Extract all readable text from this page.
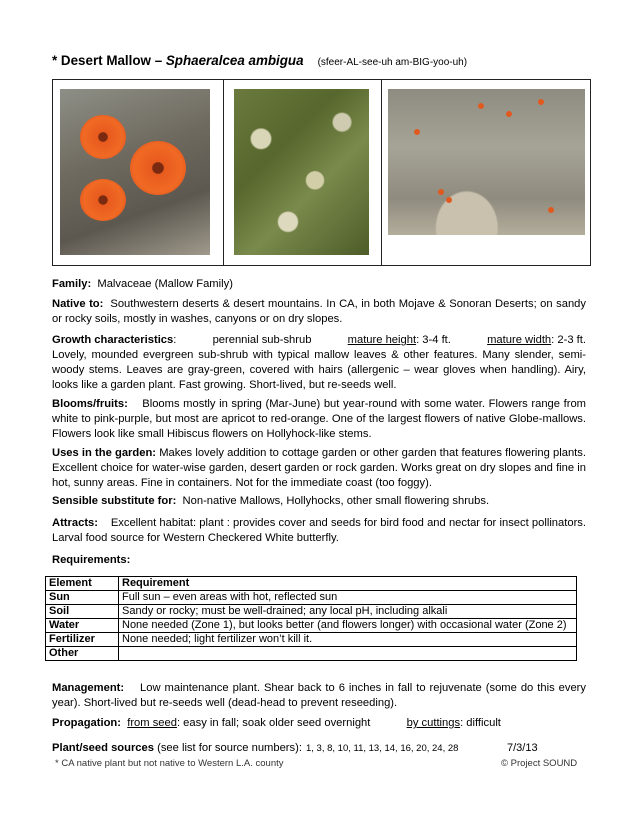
* Desert Mallow – Sphaeralcea ambigua (sfeer-AL-see-uh am-BIG-yoo-uh)
Family: Malvaceae (Mallow Family)
Native to: Southwestern deserts & desert mountains. In CA, in both Mojave & Sonoran Deserts; on sandy or rocky soils, mostly in washes, canyons or on dry slopes.
Growth characteristics:	perennial sub-shrub	mature height: 3-4 ft.	mature width: 2-3 ft.
Lovely, mounded evergreen sub-shrub with typical mallow leaves & other features. Many slender, semi-woody stems. Leaves are gray-green, covered with hairs (allergenic – wear gloves when handling). Airy, looks like a garden plant. Fast growing. Short-lived, but re-seeds well.
Blooms/fruits: Blooms mostly in spring (Mar-June) but year-round with some water. Flowers range from white to pink-purple, but most are apricot to red-orange. One of the largest flowers of native Globe-mallows. Flowers look like small Hibiscus flowers on Hollyhock-like stems.
Uses in the garden: Makes lovely addition to cottage garden or other garden that features flowering plants. Excellent choice for water-wise garden, desert garden or rock garden. Works great on dry slopes and fine in hot, sunny areas. Fine in containers. Not for the immediate coast (too foggy).
Sensible substitute for: Non-native Mallows, Hollyhocks, other small flowering shrubs.
Attracts: Excellent habitat: plant : provides cover and seeds for bird food and nectar for insect pollinators. Larval food source for Western Checkered White butterfly.
Requirements:
Element	Requirement
Sun	Full sun – even areas with hot, reflected sun
Soil	Sandy or rocky; must be well-drained; any local pH, including alkali
Water	None needed (Zone 1), but looks better (and flowers longer) with occasional water (Zone 2)
Fertilizer	None needed; light fertilizer won’t kill it.
Other	
Management: Low maintenance plant. Shear back to 6 inches in fall to rejuvenate (some do this every year). Short-lived but re-seeds well (dead-head to prevent reseeding).
Propagation: from seed: easy in fall; soak older seed overnight	by cuttings: difficult
Plant/seed sources (see list for source numbers): 1, 3, 8, 10, 11, 13, 14, 16, 20, 24, 28	7/3/13
* CA native plant but not native to Western L.A. county	© Project SOUND
